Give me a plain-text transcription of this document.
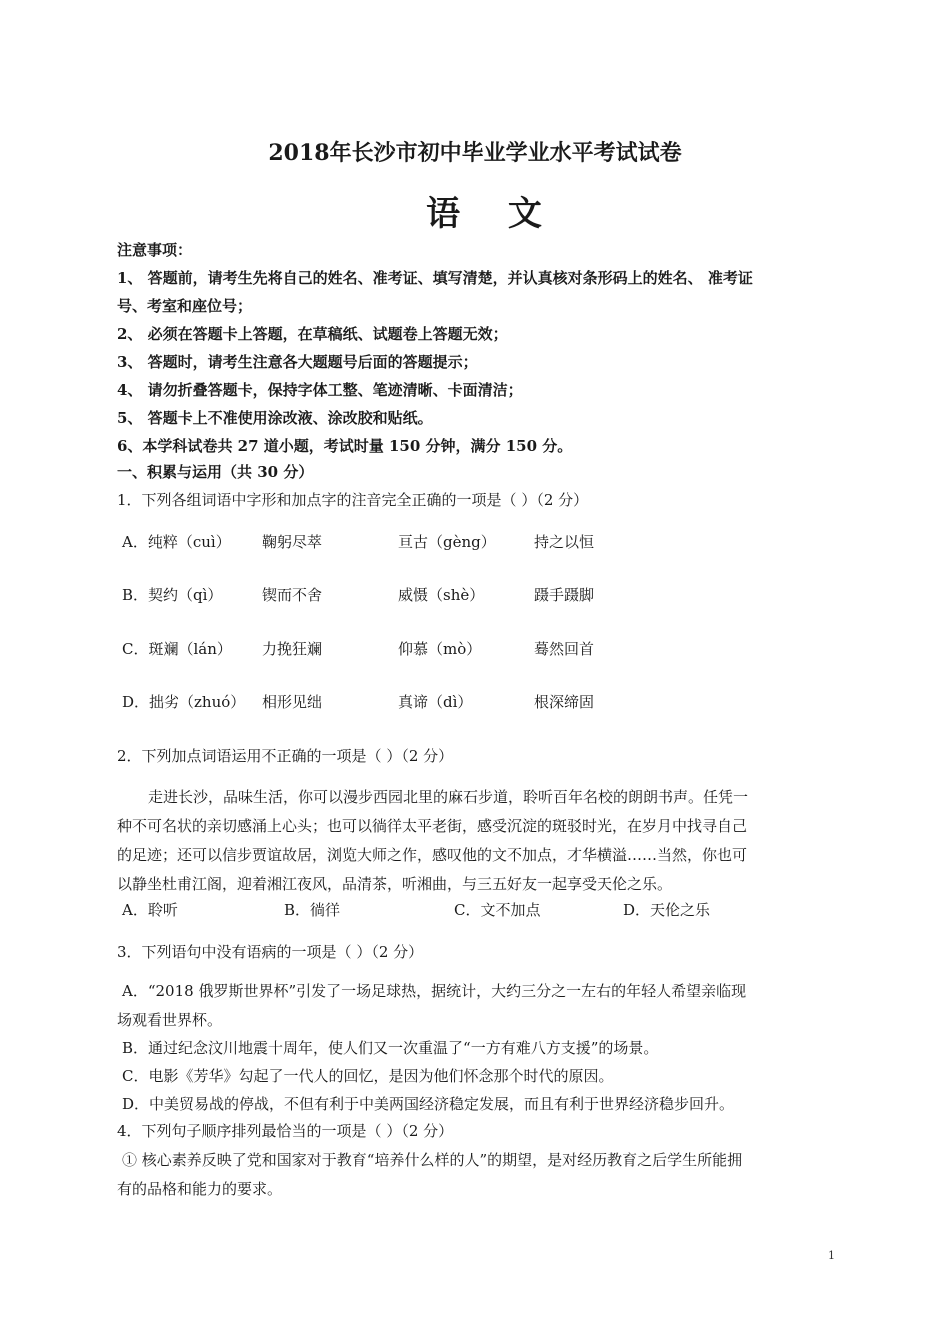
2018年长沙市初中毕业学业水平考试试卷
语 文
注意事项：
1、 答题前，请考生先将自己的姓名、准考证、填写清楚，并认真核对条形码上的姓名、 准考证
号、考室和座位号；
2、 必须在答题卡上答题，在草稿纸、试题卷上答题无效；
3、 答题时，请考生注意各大题题号后面的答题提示；
4、 请勿折叠答题卡，保持字体工整、笔迹清晰、卡面清洁；
5、 答题卡上不准使用涂改液、涂改胶和贴纸。
6、本学科试卷共 27 道小题，考试时量 150 分钟，满分 150 分。
一、积累与运用（共 30 分）
1．下列各组词语中字形和加点字的注音完全正确的一项是（ ）（2 分）
A．纯粹（cuì） 鞠躬尽萃	亘古（gèng）	持之以恒
B．契约（qì）	锲而不舍	威慑（shè）	蹑手蹑脚
C．斑斓（lán） 力挽狂斓	仰慕（mò）	蓦然回首
D．拙劣（zhuó） 相形见绌	真谛（dì）	根深缔固
2．下列加点词语运用不正确的一项是（ ）（2 分）
走进长沙，品味生活，你可以漫步西园北里的麻石步道，聆听百年名校的朗朗书声。任凭一
种不可名状的亲切感涌上心头；也可以徜徉太平老街，感受沉淀的斑驳时光，在岁月中找寻自己
的足迹；还可以信步贾谊故居，浏览大师之作，感叹他的文不加点，才华横溢……当然，你也可
以静坐杜甫江阁，迎着湘江夜风，品清茶，听湘曲，与三五好友一起享受天伦之乐。
A．聆听	B．徜徉	C．文不加点	D．天伦之乐
3．下列语句中没有语病的一项是（ ）（2 分）
A．“2018 俄罗斯世界杯”引发了一场足球热，据统计，大约三分之一左右的年轻人希望亲临现
场观看世界杯。
B．通过纪念汶川地震十周年，使人们又一次重温了“一方有难八方支援”的场景。
C．电影《芳华》勾起了一代人的回忆，是因为他们怀念那个时代的原因。
D．中美贸易战的停战，不但有利于中美两国经济稳定发展，而且有利于世界经济稳步回升。
4．下列句子顺序排列最恰当的一项是（ ）（2 分）
① 核心素养反映了党和国家对于教育“培养什么样的人”的期望，是对经历教育之后学生所能拥
有的品格和能力的要求。
1
